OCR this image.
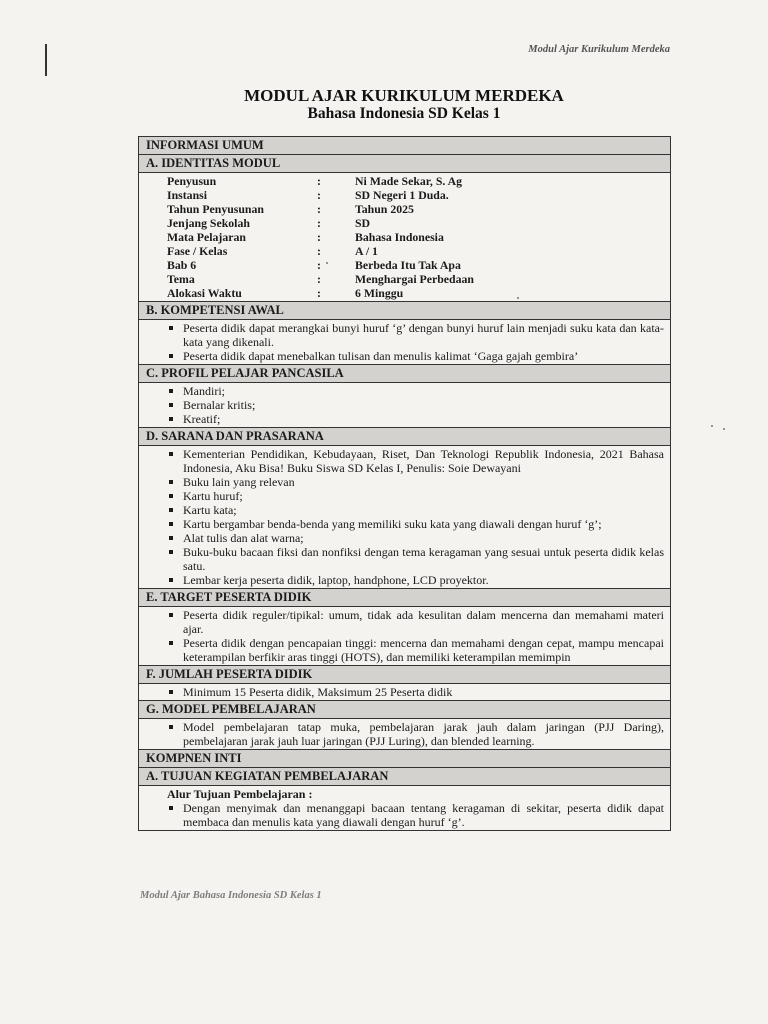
Modul Ajar Kurikulum Merdeka
MODUL AJAR KURIKULUM MERDEKA
Bahasa Indonesia SD Kelas 1
INFORMASI UMUM
A. IDENTITAS MODUL
Penyusun	:	Ni Made Sekar, S. Ag
Instansi	:	SD Negeri 1 Duda.
Tahun Penyusunan	:	Tahun 2025
Jenjang Sekolah	:	SD
Mata Pelajaran	:	Bahasa Indonesia
Fase / Kelas	:	A / 1
Bab 6	:	Berbeda Itu Tak Apa
Tema	:	Menghargai Perbedaan
Alokasi Waktu	:	6 Minggu
B. KOMPETENSI AWAL
Peserta didik dapat merangkai bunyi huruf ‘g’ dengan bunyi huruf lain menjadi suku kata dan kata-kata yang dikenali.
Peserta didik dapat menebalkan tulisan dan menulis kalimat ‘Gaga gajah gembira’
C. PROFIL PELAJAR PANCASILA
Mandiri;
Bernalar kritis;
Kreatif;
D. SARANA DAN PRASARANA
Kementerian Pendidikan, Kebudayaan, Riset, Dan Teknologi Republik Indonesia, 2021 Bahasa Indonesia, Aku Bisa! Buku Siswa SD Kelas I, Penulis: Soie Dewayani
Buku lain yang relevan
Kartu huruf;
Kartu kata;
Kartu bergambar benda-benda yang memiliki suku kata yang diawali dengan huruf ‘g’;
Alat tulis dan alat warna;
Buku-buku bacaan fiksi dan nonfiksi dengan tema keragaman yang sesuai untuk peserta didik kelas satu.
Lembar kerja peserta didik, laptop, handphone, LCD proyektor.
E. TARGET PESERTA DIDIK
Peserta didik reguler/tipikal: umum, tidak ada kesulitan dalam mencerna dan memahami materi ajar.
Peserta didik dengan pencapaian tinggi: mencerna dan memahami dengan cepat, mampu mencapai keterampilan berfikir aras tinggi (HOTS), dan memiliki keterampilan memimpin
F. JUMLAH PESERTA DIDIK
Minimum 15 Peserta didik, Maksimum 25 Peserta didik
G. MODEL PEMBELAJARAN
Model pembelajaran tatap muka, pembelajaran jarak jauh dalam jaringan (PJJ Daring), pembelajaran jarak jauh luar jaringan (PJJ Luring), dan blended learning.
KOMPNEN INTI
A. TUJUAN KEGIATAN PEMBELAJARAN
Alur Tujuan Pembelajaran :
Dengan menyimak dan menanggapi bacaan tentang keragaman di sekitar, peserta didik dapat membaca dan menulis kata yang diawali dengan huruf ‘g’.
Modul Ajar Bahasa Indonesia SD Kelas 1
